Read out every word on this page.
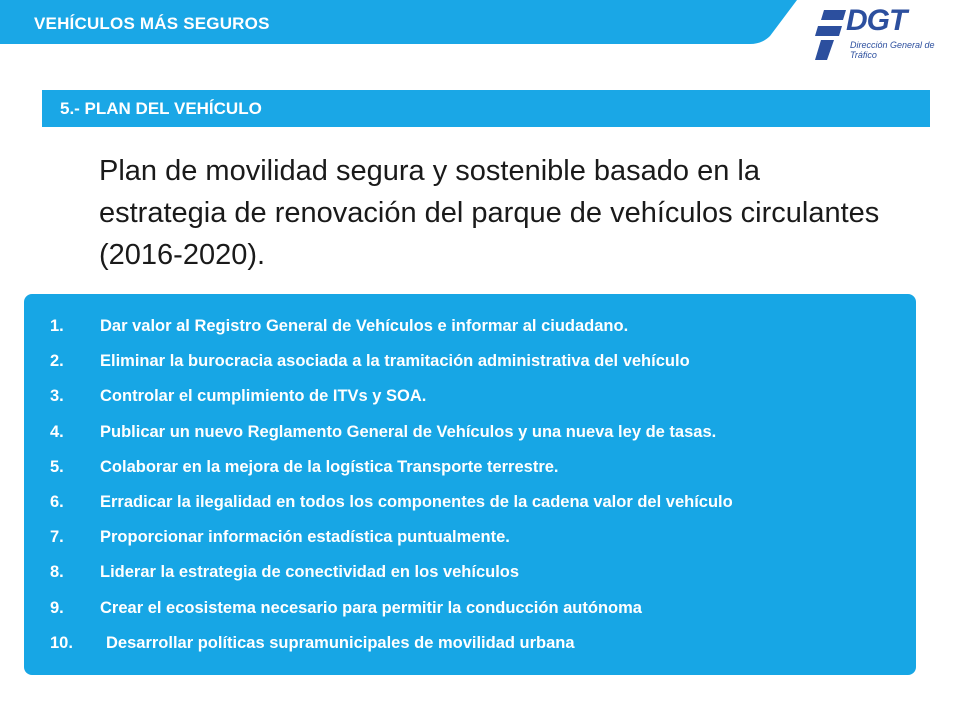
VEHÍCULOS MÁS SEGUROS	DGT
Dirección General de Tráfico
5.- PLAN DEL VEHÍCULO
Plan de movilidad segura y sostenible basado en la estrategia de renovación del parque de vehículos circulantes (2016-2020).
1. Dar valor al Registro General de Vehículos e informar al ciudadano.
2. Eliminar la burocracia asociada a la tramitación administrativa del vehículo
3. Controlar el cumplimiento de ITVs y SOA.
4. Publicar un nuevo Reglamento General de Vehículos y una nueva ley de tasas.
5. Colaborar en la mejora de la logística Transporte terrestre.
6. Erradicar la ilegalidad en todos los componentes de la cadena valor del vehículo
7. Proporcionar información estadística puntualmente.
8. Liderar la estrategia de conectividad en los vehículos
9. Crear el ecosistema necesario para permitir la conducción autónoma
10. Desarrollar políticas supramunicipales de movilidad urbana
